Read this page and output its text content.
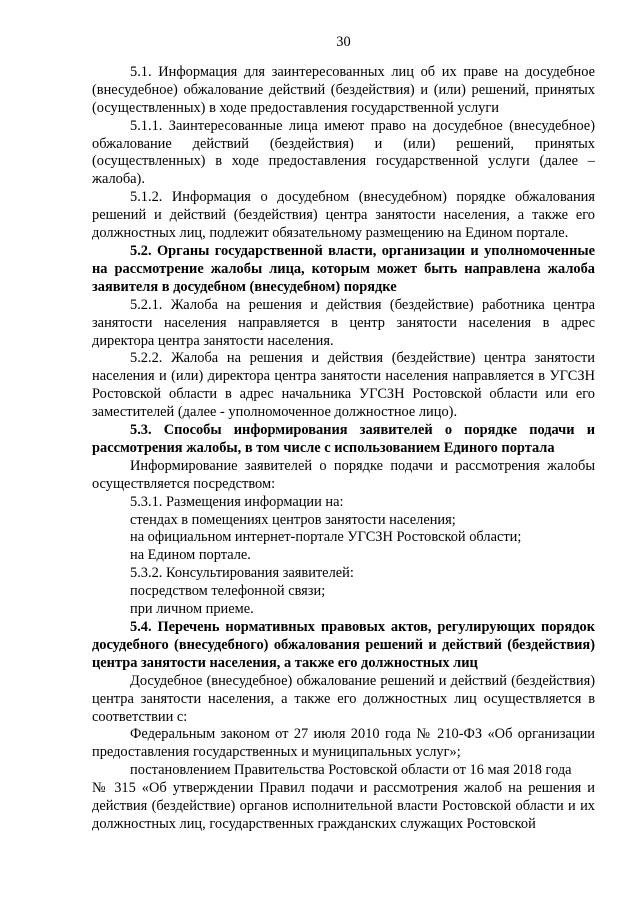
30

5.1. Информация для заинтересованных лиц об их праве на досудебное (внесудебное) обжалование действий (бездействия) и (или) решений, принятых (осуществленных) в ходе предоставления государственной услуги

5.1.1. Заинтересованные лица имеют право на досудебное (внесудебное) обжалование действий (бездействия) и (или) решений, принятых (осуществленных) в ходе предоставления государственной услуги (далее – жалоба).

5.1.2. Информация о досудебном (внесудебном) порядке обжалования решений и действий (бездействия) центра занятости населения, а также его должностных лиц, подлежит обязательному размещению на Едином портале.

5.2. Органы государственной власти, организации и уполномоченные на рассмотрение жалобы лица, которым может быть направлена жалоба заявителя в досудебном (внесудебном) порядке

5.2.1. Жалоба на решения и действия (бездействие) работника центра занятости населения направляется в центр занятости населения в адрес директора центра занятости населения.

5.2.2. Жалоба на решения и действия (бездействие) центра занятости населения и (или) директора центра занятости населения направляется в УГСЗН Ростовской области в адрес начальника УГСЗН Ростовской области или его заместителей (далее - уполномоченное должностное лицо).

5.3. Способы информирования заявителей о порядке подачи и рассмотрения жалобы, в том числе с использованием Единого портала

Информирование заявителей о порядке подачи и рассмотрения жалобы осуществляется посредством:

5.3.1. Размещения информации на:

стендах в помещениях центров занятости населения;

на официальном интернет-портале УГСЗН Ростовской области;

на Едином портале.

5.3.2. Консультирования заявителей:

посредством телефонной связи;

при личном приеме.

5.4. Перечень нормативных правовых актов, регулирующих порядок досудебного (внесудебного) обжалования решений и действий (бездействия) центра занятости населения, а также его должностных лиц

Досудебное (внесудебное) обжалование решений и действий (бездействия) центра занятости населения, а также его должностных лиц осуществляется в соответствии с:

Федеральным законом от 27 июля 2010 года № 210-ФЗ «Об организации предоставления государственных и муниципальных услуг»;

постановлением Правительства Ростовской области от 16 мая 2018 года

№ 315 «Об утверждении Правил подачи и рассмотрения жалоб на решения и действия (бездействие) органов исполнительной власти Ростовской области и их должностных лиц, государственных гражданских служащих Ростовской
